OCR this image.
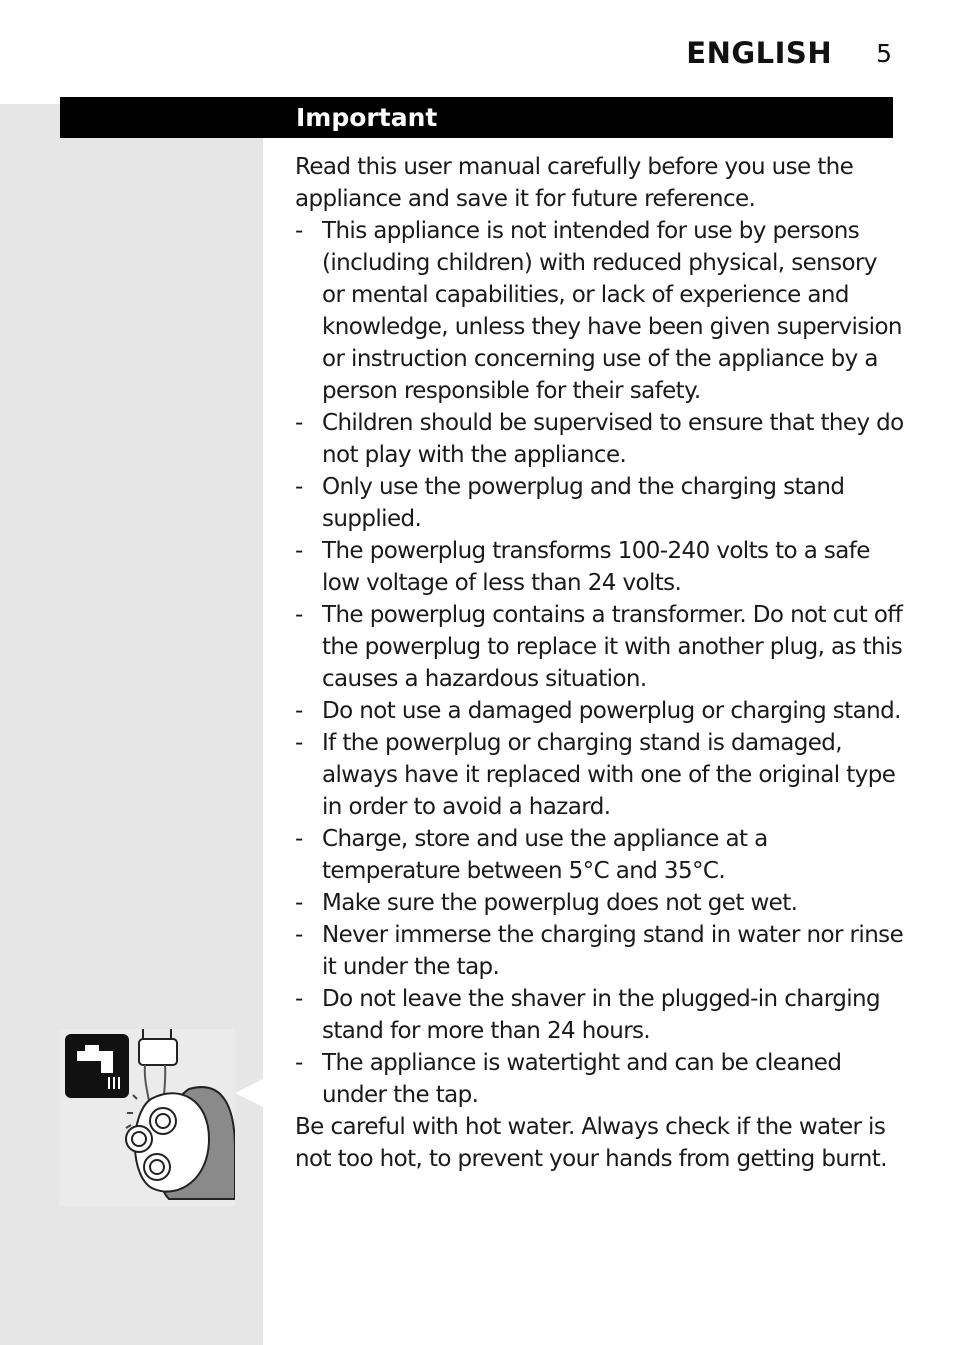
ENGLISH 5
Important

Read this user manual carefully before you use the appliance and save it for future reference.

- This appliance is not intended for use by persons (including children) with reduced physical, sensory or mental capabilities, or lack of experience and knowledge, unless they have been given supervision or instruction concerning use of the appliance by a person responsible for their safety.
- Children should be supervised to ensure that they do not play with the appliance.
- Only use the powerplug and the charging stand supplied.
- The powerplug transforms 100-240 volts to a safe low voltage of less than 24 volts.
- The powerplug contains a transformer. Do not cut off the powerplug to replace it with another plug, as this causes a hazardous situation.
- Do not use a damaged powerplug or charging stand.
- If the powerplug or charging stand is damaged, always have it replaced with one of the original type in order to avoid a hazard.
- Charge, store and use the appliance at a temperature between 5°C and 35°C.
- Make sure the powerplug does not get wet.
- Never immerse the charging stand in water nor rinse it under the tap.
- Do not leave the shaver in the plugged-in charging stand for more than 24 hours.
- The appliance is watertight and can be cleaned under the tap.

Be careful with hot water. Always check if the water is not too hot, to prevent your hands from getting burnt.
